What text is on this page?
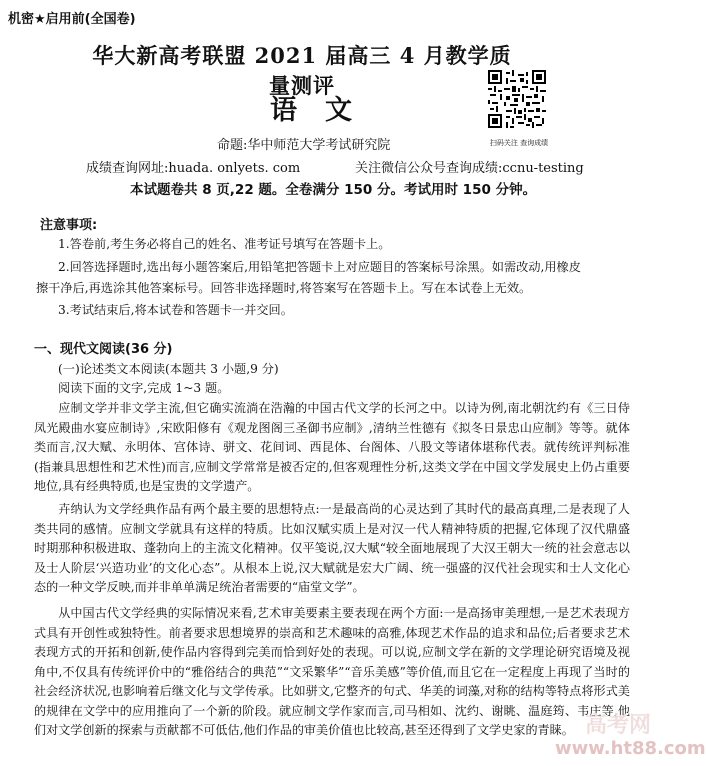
机密★启用前(全国卷)
华大新高考联盟 2021 届高三 4 月教学质量测评
语文
扫码关注 查询成绩
命题:华中师范大学考试研究院
成绩查询网址:huada. onlyets. com	关注微信公众号查询成绩:ccnu-testing
本试题卷共 8 页,22 题。全卷满分 150 分。考试用时 150 分钟。
注意事项:
1.答卷前,考生务必将自己的姓名、准考证号填写在答题卡上。
2.回答选择题时,选出每小题答案后,用铅笔把答题卡上对应题目的答案标号涂黑。如需改动,用橡皮
擦干净后,再选涂其他答案标号。回答非选择题时,将答案写在答题卡上。写在本试卷上无效。
3.考试结束后,将本试卷和答题卡一并交回。
一、现代文阅读(36 分)
(一)论述类文本阅读(本题共 3 小题,9 分)
阅读下面的文字,完成 1~3 题。

应制文学并非文学主流,但它确实流淌在浩瀚的中国古代文学的长河之中。以诗为例,南北朝沈约有《三日侍凤光殿曲水宴应制诗》,宋欧阳修有《观龙图阁三圣御书应制》,清纳兰性德有《拟冬日景忠山应制》等等。就体类而言,汉大赋、永明体、宫体诗、骈文、花间词、西昆体、台阁体、八股文等诸体堪称代表。就传统评判标准(指兼具思想性和艺术性)而言,应制文学常常是被否定的,但客观理性分析,这类文学在中国文学发展史上仍占重要地位,具有经典特质,也是宝贵的文学遗产。

卉纳认为文学经典作品有两个最主要的思想特点:一是最高尚的心灵达到了其时代的最高真理,二是表现了人类共同的感情。应制文学就具有这样的特质。比如汉赋实质上是对汉一代人精神特质的把握,它体现了汉代鼎盛时期那种积极进取、蓬勃向上的主流文化精神。仅平笺说,汉大赋“较全面地展现了大汉王朝大一统的社会意志以及士人阶层‘兴造功业’的文化心态”。从根本上说,汉大赋就是宏大广阔、统一强盛的汉代社会现实和士人文化心态的一种文学反映,而并非单单满足统治者需要的“庙堂文学”。

从中国古代文学经典的实际情况来看,艺术审美要素主要表现在两个方面:一是高扬审美理想,一是艺术表现方式具有开创性或独特性。前者要求思想境界的崇高和艺术趣味的高雅,体现艺术作品的追求和品位;后者要求艺术表现方式的开拓和创新,使作品内容得到完美而恰到好处的表现。可以说,应制文学在新的文学理论研究语境及视角中,不仅具有传统评价中的“雅俗结合的典范”“文采繁华”“音乐美感”等价值,而且它在一定程度上再现了当时的社会经济状况,也影响着后继文化与文学传承。比如骈文,它整齐的句式、华美的词藻,对称的结构等特点将形式美的规律在文学中的应用推向了一个新的阶段。就应制文学作家而言,司马相如、沈约、谢眺、温庭筠、韦庄等,他们对文学创新的探索与贡献都不可低估,他们作品的审美价值也比较高,甚至还得到了文学史家的青睐。 高考网
www.ht88.com
